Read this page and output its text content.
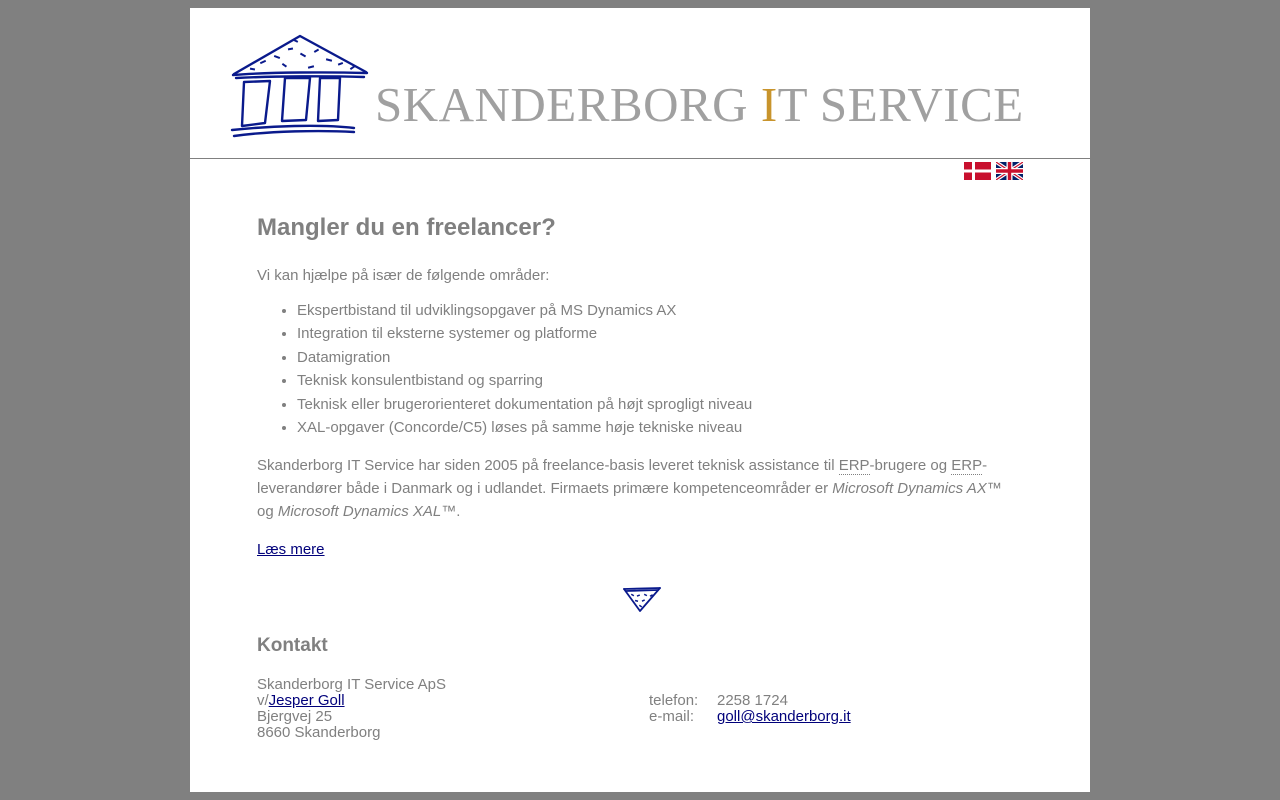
SKANDERBORG IT SERVICE
Mangler du en freelancer?

Vi kan hjælpe på især de følgende områder:

• Ekspertbistand til udviklingsopgaver på MS Dynamics AX
• Integration til eksterne systemer og platforme
• Datamigration
• Teknisk konsulentbistand og sparring
• Teknisk eller brugerorienteret dokumentation på højt sprogligt niveau
• XAL-opgaver (Concorde/C5) løses på samme høje tekniske niveau

Skanderborg IT Service har siden 2005 på freelance-basis leveret teknisk assistance til ERP-brugere og ERP-leverandører både i Danmark og i udlandet. Firmaets primære kompetenceområder er Microsoft Dynamics AX™ og Microsoft Dynamics XAL™.

Læs mere

Kontakt
Skanderborg IT Service ApS
v/Jesper Goll
Bjergvej 25
8660 Skanderborg
telefon: 2258 1724
e-mail: goll@skanderborg.it
